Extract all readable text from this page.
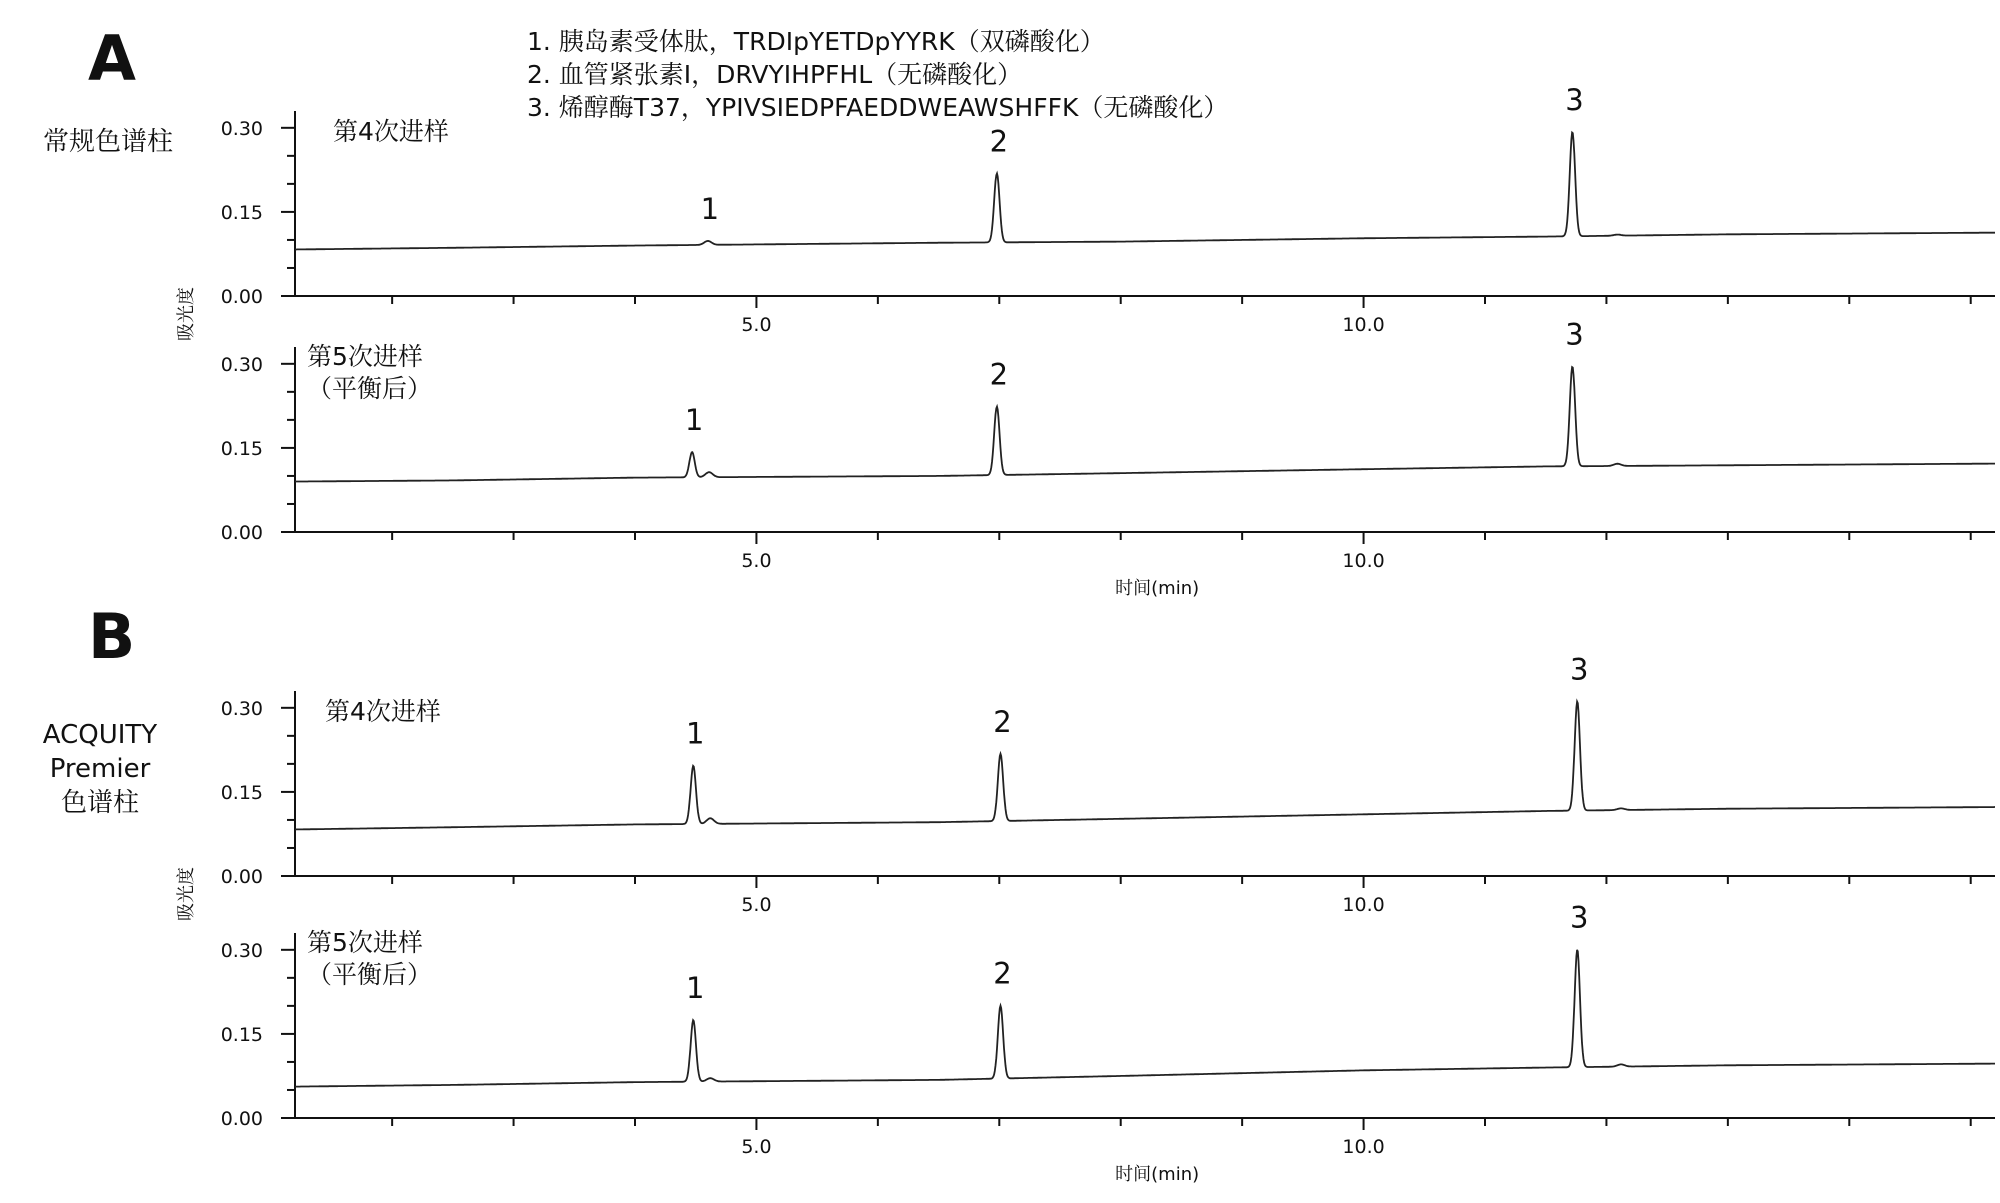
A
常规色谱柱
B
ACQUITY
Premier
色谱柱
1. 胰岛素受体肽，TRDIpYETDpYYRK（双磷酸化）
2. 血管紧张素I，DRVYIHPFHL（无磷酸化）
3. 烯醇酶T37，YPIVSIEDPFAEDDWEAWSHFFK（无磷酸化）
0.00
0.15
0.30
5.0	10.0
吸光度
第4次进样
1
2
3
0.00
0.15
0.30
5.0	10.0
时间(min)
第5次进样
（平衡后）
1
2
3
0.00
0.15
0.30
5.0	10.0
吸光度
第4次进样
1	2
3
0.00
0.15
0.30
5.0	10.0
时间(min)
第5次进样
（平衡后）	1	2
3
